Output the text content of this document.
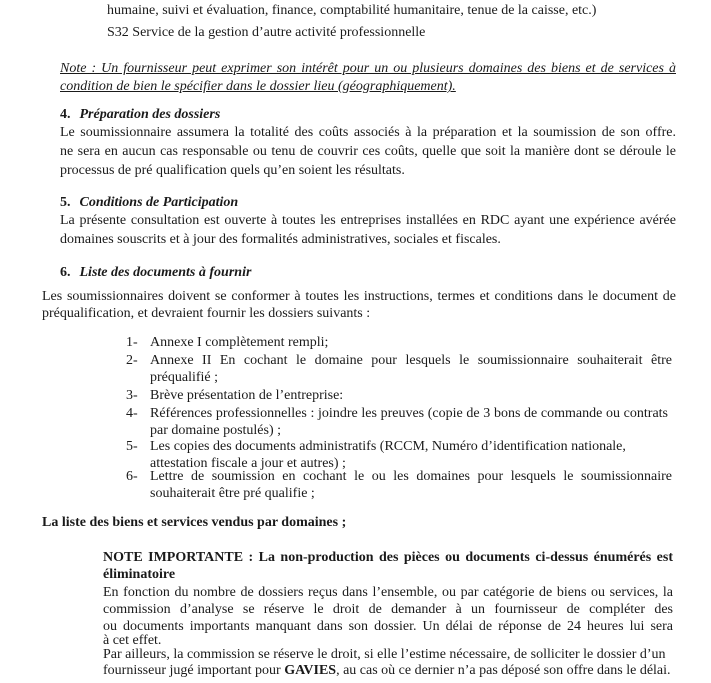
humaine, suivi et évaluation, finance, comptabilité humanitaire, tenue de la caisse, etc.)
S32 Service de la gestion d’autre activité professionnelle
Note : Un fournisseur peut exprimer son intérêt pour un ou plusieurs domaines des biens et de services à
condition de bien le spécifier dans le dossier lieu (géographiquement).
4. Préparation des dossiers
Le soumissionnaire assumera la totalité des coûts associés à la préparation et la soumission de son offre.
ne sera en aucun cas responsable ou tenu de couvrir ces coûts, quelle que soit la manière dont se déroule le
processus de pré qualification quels qu’en soient les résultats.
5. Conditions de Participation
La présente consultation est ouverte à toutes les entreprises installées en RDC ayant une expérience avérée
domaines souscrits et à jour des formalités administratives, sociales et fiscales.
6. Liste des documents à fournir
Les soumissionnaires doivent se conformer à toutes les instructions, termes et conditions dans le document de
préqualification, et devraient fournir les dossiers suivants :
1- Annexe I complètement rempli;
2- Annexe II En cochant le domaine pour lesquels le soumissionnaire souhaiterait être
préqualifié ;
3- Brève présentation de l’entreprise:
4- Références professionnelles : joindre les preuves (copie de 3 bons de commande ou contrats
par domaine postulés) ;
5- Les copies des documents administratifs (RCCM, Numéro d’identification nationale,
attestation fiscale a jour et autres) ;
6- Lettre de soumission en cochant le ou les domaines pour lesquels le soumissionnaire
souhaiterait être pré qualifie ;
La liste des biens et services vendus par domaines ;
NOTE IMPORTANTE : La non-production des pièces ou documents ci-dessus énumérés est
éliminatoire
En fonction du nombre de dossiers reçus dans l’ensemble, ou par catégorie de biens ou services, la
commission d’analyse se réserve le droit de demander à un fournisseur de compléter des
ou documents importants manquant dans son dossier. Un délai de réponse de 24 heures lui sera
à cet effet.
Par ailleurs, la commission se réserve le droit, si elle l’estime nécessaire, de solliciter le dossier d’un
fournisseur jugé important pour GAVIES, au cas où ce dernier n’a pas déposé son offre dans le délai.
